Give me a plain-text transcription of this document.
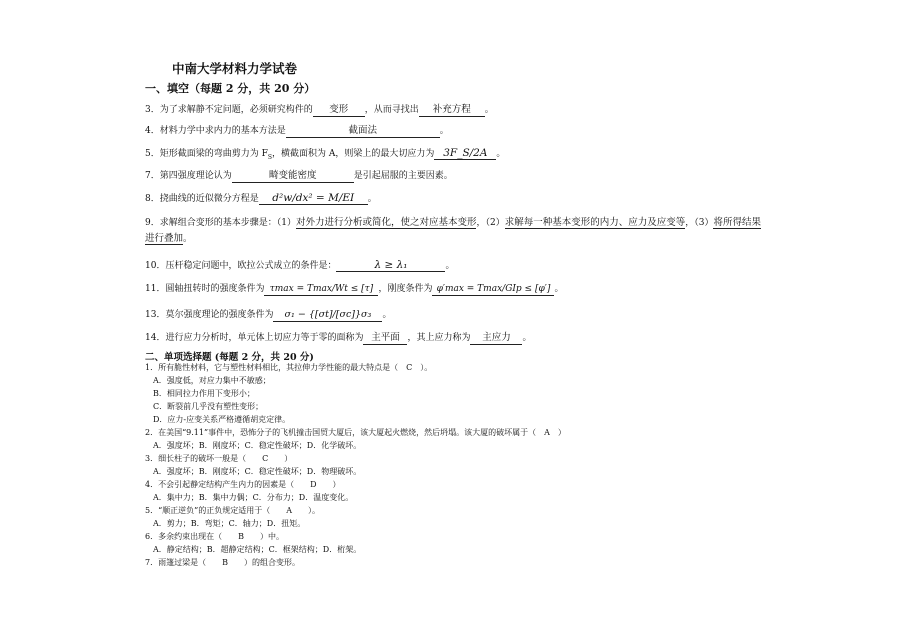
中南大学材料力学试卷
一、填空（每题 2 分，共 20 分）
3．为了求解静不定问题，必须研究构件的 变形 ，从而寻找出 补充方程 。
4．材料力学中求内力的基本方法是	截面法	。
5．矩形截面梁的弯曲剪力为 $F_S$，横截面积为 A，则梁上的最大切应力为 3F_S/2A 。
7．第四强度理论认为	畸变能密度	是引起屈服的主要因素。
8．挠曲线的近似微分方程是 d²w/dx² = M/EI 。
9．求解组合变形的基本步骤是：（1）对外力进行分析或简化，使之对应基本变形，（2）求解每一种基本变形的内力、应力及应变等，（3）将所得结果进行叠加。
10．压杆稳定问题中，欧拉公式成立的条件是：	λ ≥ λ₁	。
11．圆轴扭转时的强度条件为 τmax = Tmax/Wt ≤ [τ] ，刚度条件为 φ′max = Tmax/GIp ≤ [φ′] 。
13．莫尔强度理论的强度条件为 σ₁ − {[σt]/[σc]}σ₃ 。
14．进行应力分析时，单元体上切应力等于零的面称为 主平面 ，其上应力称为 主应力 。
二、单项选择题 (每题 2 分，共 20 分)
1．所有脆性材料，它与塑性材料相比，其拉伸力学性能的最大特点是（　C　）。
A．强度低，对应力集中不敏感；
B．相同拉力作用下变形小；
C．断裂前几乎没有塑性变形；
D．应力-应变关系严格遵循胡克定律。
2．在美国“9.11”事件中，恐怖分子的飞机撞击国贸大厦后，该大厦起火燃烧，然后坍塌。该大厦的破坏属于（　A　）
A．强度坏；B．刚度坏；C．稳定性破坏；D．化学破坏。
3．细长柱子的破坏一般是（　　C　　）
A．强度坏；B．刚度坏；C．稳定性破坏；D．物理破坏。
4．不会引起静定结构产生内力的因素是（　　D　　）
A．集中力；B．集中力偶；C．分布力；D．温度变化。
5．“顺正逆负”的正负规定适用于（　　A　　）。
A．剪力；B．弯矩；C．轴力；D．扭矩。
6．多余约束出现在（　　B　　）中。
A．静定结构；B．超静定结构；C．框架结构；D．桁架。
7．雨篷过梁是（　　B　　）的组合变形。
